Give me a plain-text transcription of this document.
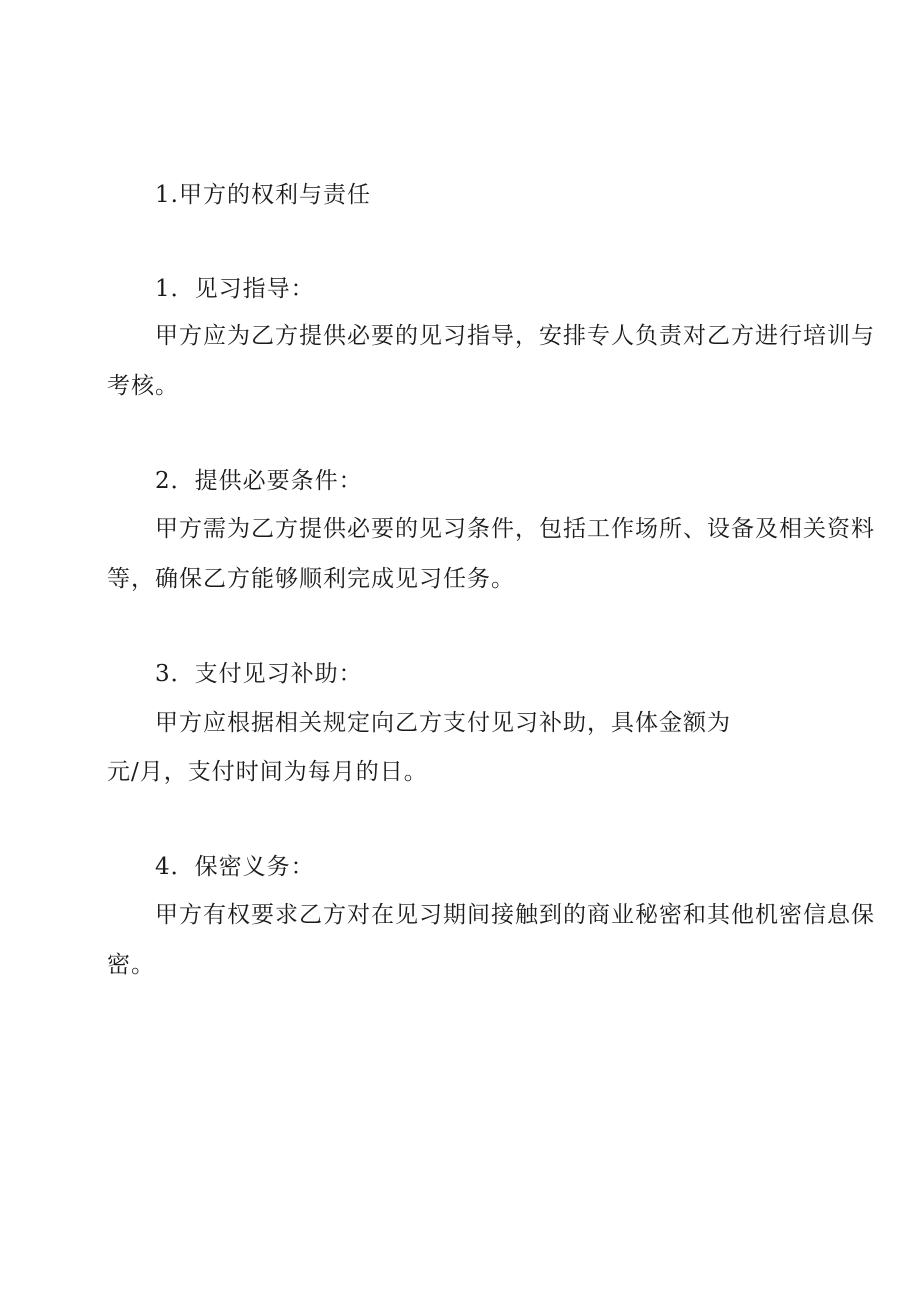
1.甲方的权利与责任
1．见习指导：
甲方应为乙方提供必要的见习指导，安排专人负责对乙方进行培训与
考核。
2．提供必要条件：
甲方需为乙方提供必要的见习条件，包括工作场所、设备及相关资料
等，确保乙方能够顺利完成见习任务。
3．支付见习补助：
甲方应根据相关规定向乙方支付见习补助，具体金额为
元/月，支付时间为每月的日。
4．保密义务：
甲方有权要求乙方对在见习期间接触到的商业秘密和其他机密信息保
密。
